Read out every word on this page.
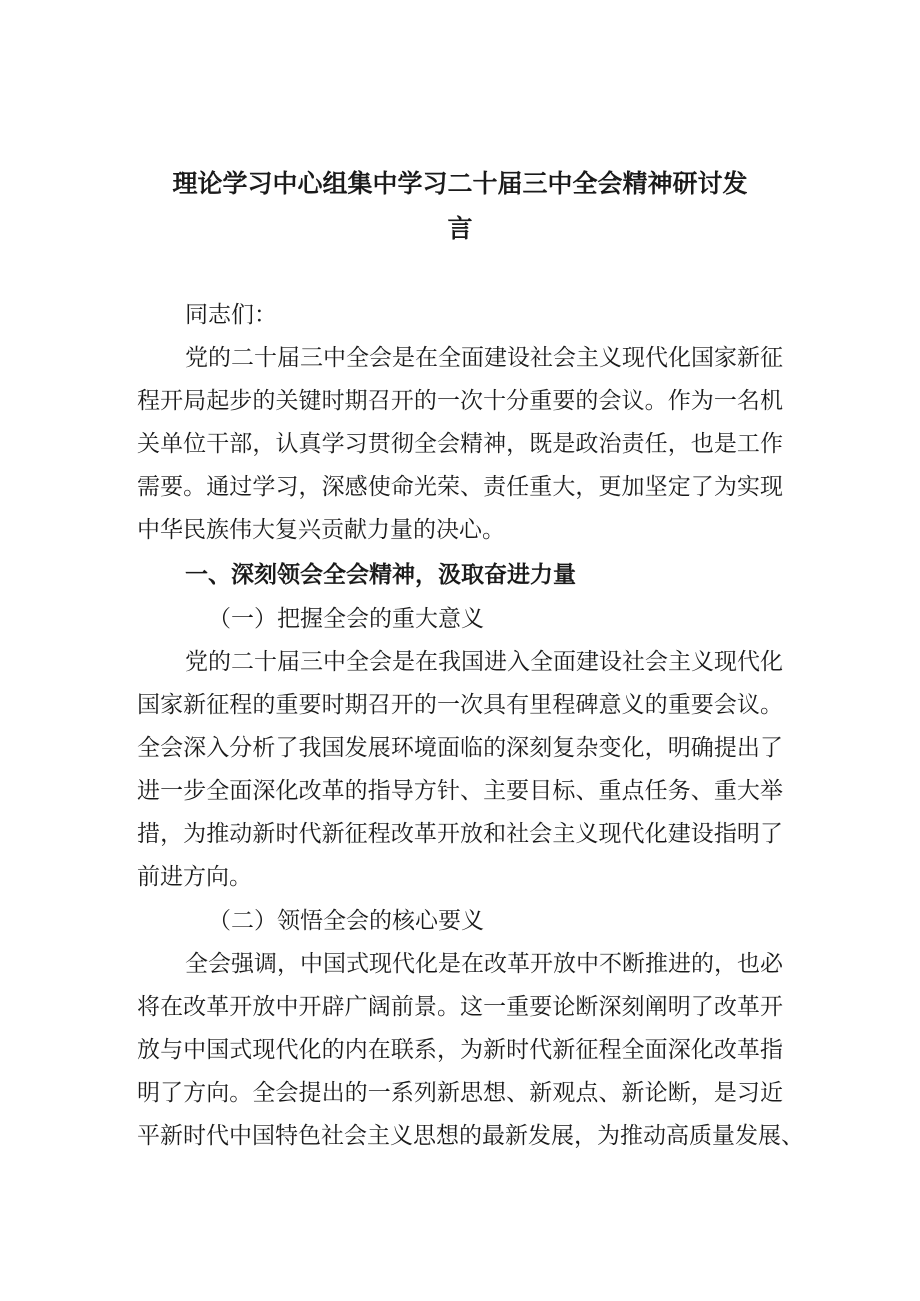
理论学习中心组集中学习二十届三中全会精神研讨发
言
同志们：
党的二十届三中全会是在全面建设社会主义现代化国家新征
程开局起步的关键时期召开的一次十分重要的会议。作为一名机
关单位干部，认真学习贯彻全会精神，既是政治责任，也是工作
需要。通过学习，深感使命光荣、责任重大，更加坚定了为实现
中华民族伟大复兴贡献力量的决心。
一、深刻领会全会精神，汲取奋进力量
（一）把握全会的重大意义
党的二十届三中全会是在我国进入全面建设社会主义现代化
国家新征程的重要时期召开的一次具有里程碑意义的重要会议。
全会深入分析了我国发展环境面临的深刻复杂变化，明确提出了
进一步全面深化改革的指导方针、主要目标、重点任务、重大举
措，为推动新时代新征程改革开放和社会主义现代化建设指明了
前进方向。
（二）领悟全会的核心要义
全会强调，中国式现代化是在改革开放中不断推进的，也必
将在改革开放中开辟广阔前景。这一重要论断深刻阐明了改革开
放与中国式现代化的内在联系，为新时代新征程全面深化改革指
明了方向。全会提出的一系列新思想、新观点、新论断，是习近
平新时代中国特色社会主义思想的最新发展，为推动高质量发展、
